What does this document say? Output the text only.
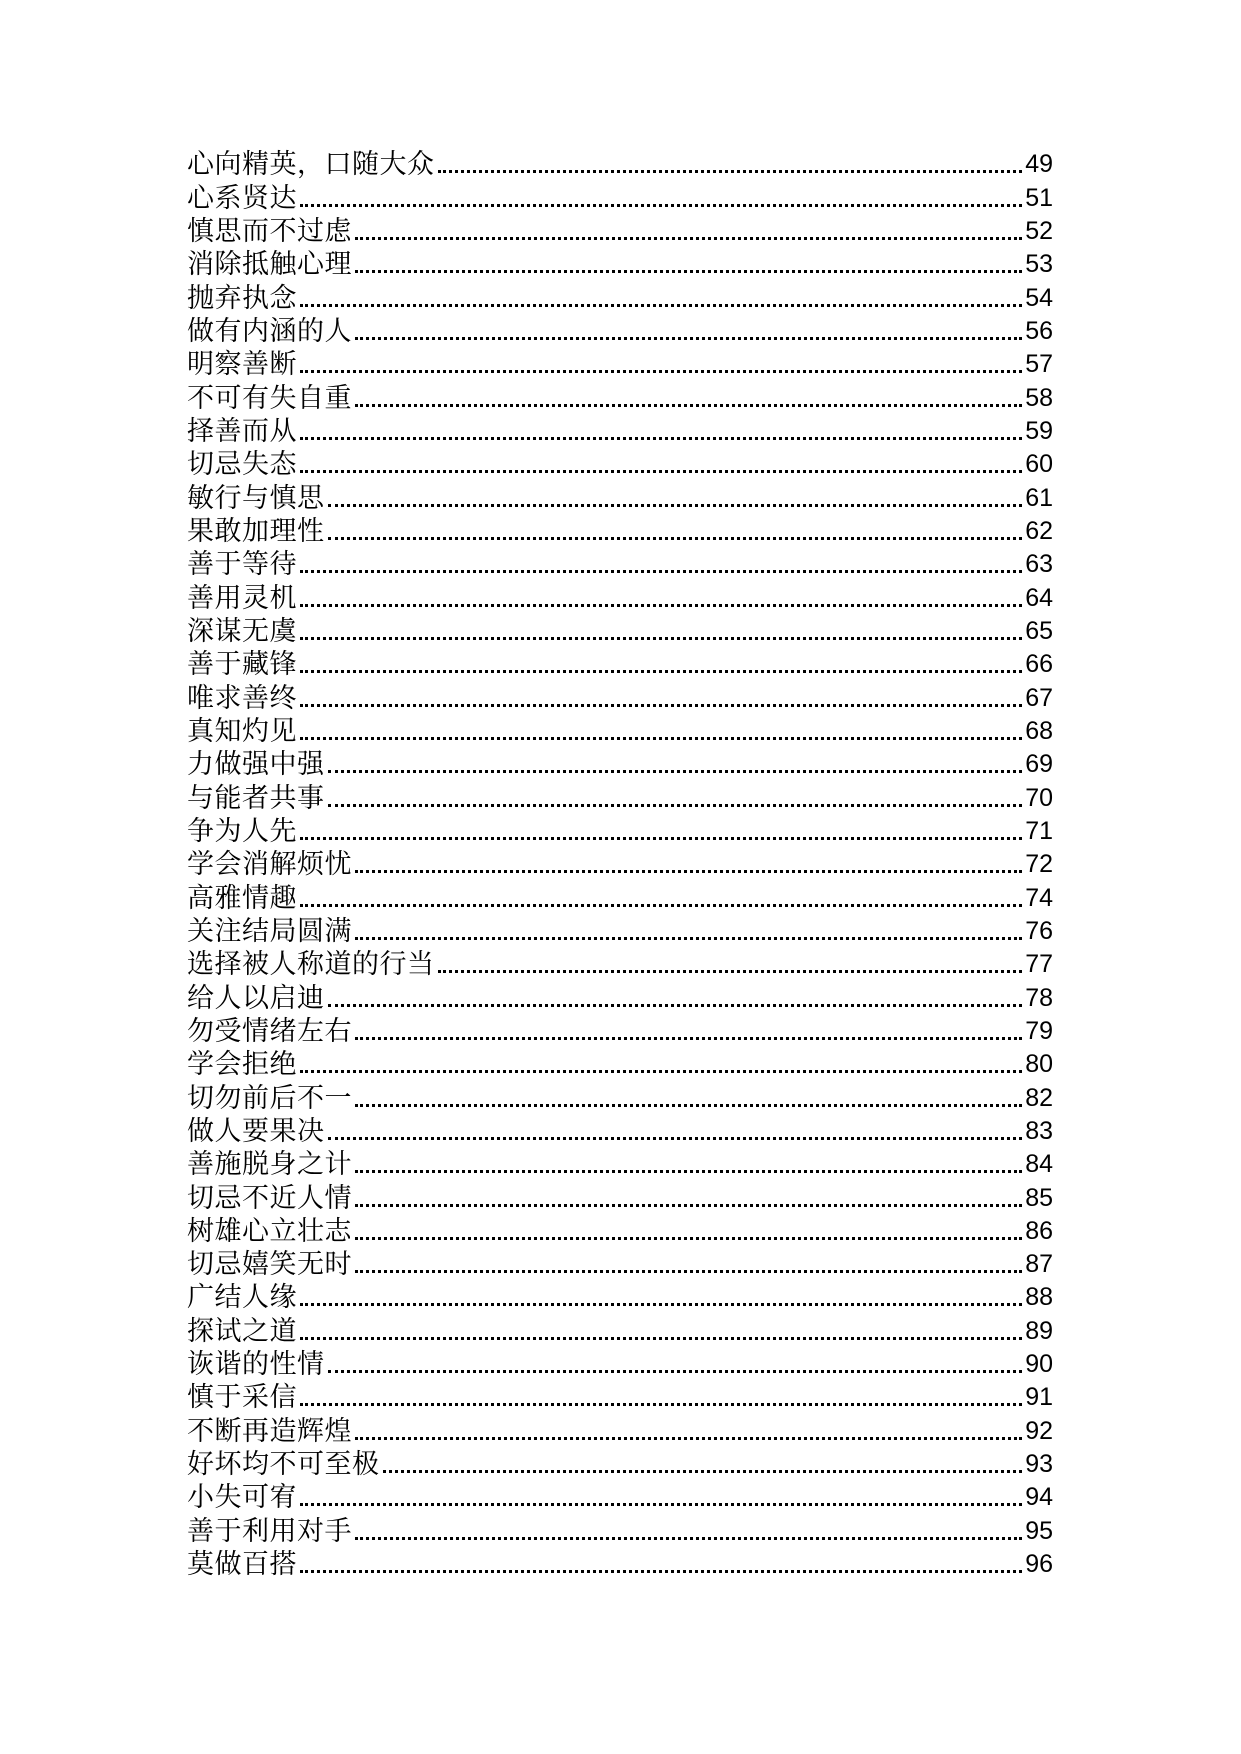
心向精英，口随大众	49
心系贤达	51
慎思而不过虑	52
消除抵触心理	53
抛弃执念	54
做有内涵的人	56
明察善断	57
不可有失自重	58
择善而从	59
切忌失态	60
敏行与慎思	61
果敢加理性	62
善于等待	63
善用灵机	64
深谋无虞	65
善于藏锋	66
唯求善终	67
真知灼见	68
力做强中强	69
与能者共事	70
争为人先	71
学会消解烦忧	72
高雅情趣	74
关注结局圆满	76
选择被人称道的行当	77
给人以启迪	78
勿受情绪左右	79
学会拒绝	80
切勿前后不一	82
做人要果决	83
善施脱身之计	84
切忌不近人情	85
树雄心立壮志	86
切忌嬉笑无时	87
广结人缘	88
探试之道	89
诙谐的性情	90
慎于采信	91
不断再造辉煌	92
好坏均不可至极	93
小失可宥	94
善于利用对手	95
莫做百搭	96
